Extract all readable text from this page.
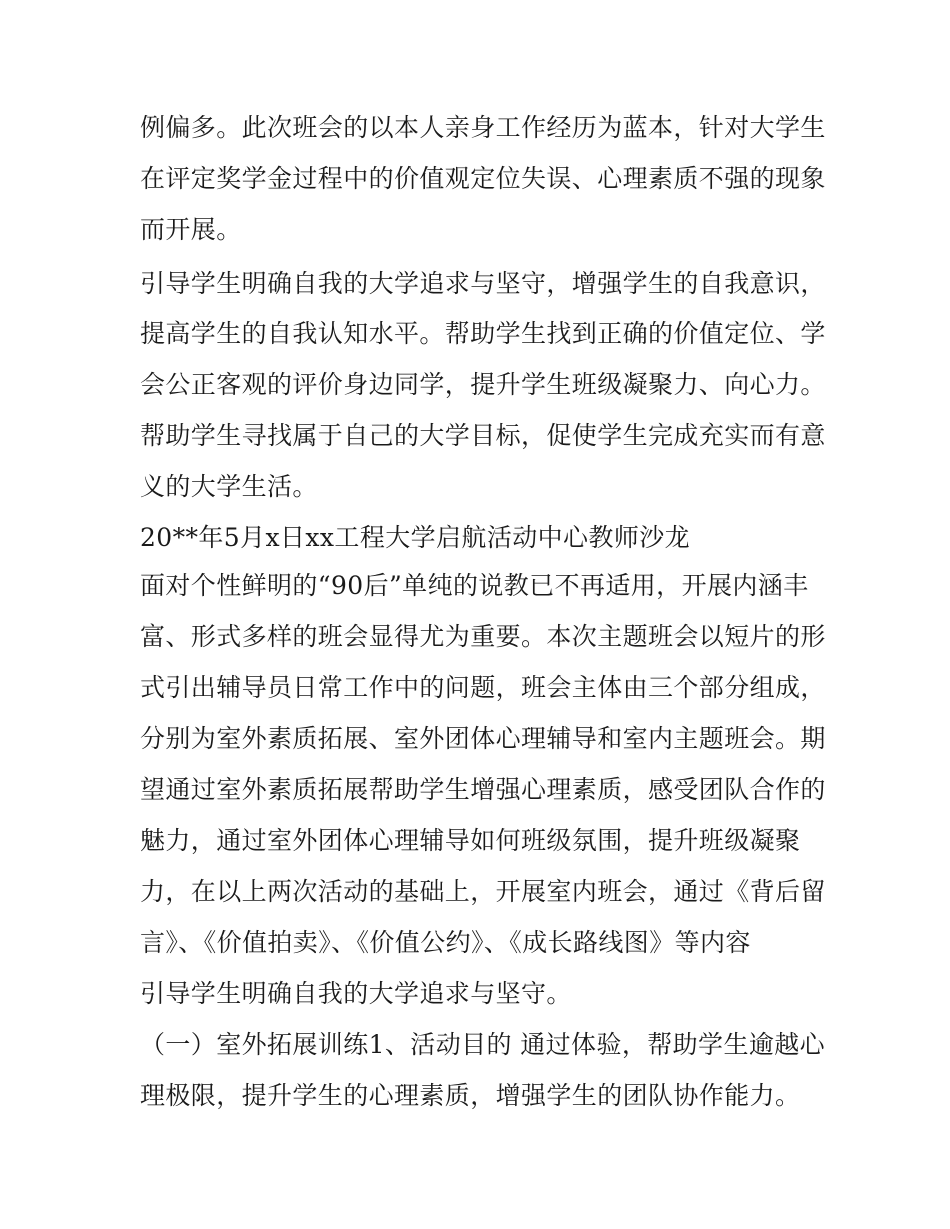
例偏多。此次班会的以本人亲身工作经历为蓝本，针对大学生
在评定奖学金过程中的价值观定位失误、心理素质不强的现象
而开展。
引导学生明确自我的大学追求与坚守，增强学生的自我意识，
提高学生的自我认知水平。帮助学生找到正确的价值定位、学
会公正客观的评价身边同学，提升学生班级凝聚力、向心力。
帮助学生寻找属于自己的大学目标，促使学生完成充实而有意
义的大学生活。
20**年5月x日xx工程大学启航活动中心教师沙龙
面对个性鲜明的“90后”单纯的说教已不再适用，开展内涵丰
富、形式多样的班会显得尤为重要。本次主题班会以短片的形
式引出辅导员日常工作中的问题，班会主体由三个部分组成，
分别为室外素质拓展、室外团体心理辅导和室内主题班会。期
望通过室外素质拓展帮助学生增强心理素质，感受团队合作的
魅力，通过室外团体心理辅导如何班级氛围，提升班级凝聚
力，在以上两次活动的基础上，开展室内班会，通过《背后留
言》、《价值拍卖》、《价值公约》、《成长路线图》等内容
引导学生明确自我的大学追求与坚守。
（一）室外拓展训练1、活动目的 通过体验，帮助学生逾越心
理极限，提升学生的心理素质，增强学生的团队协作能力。
